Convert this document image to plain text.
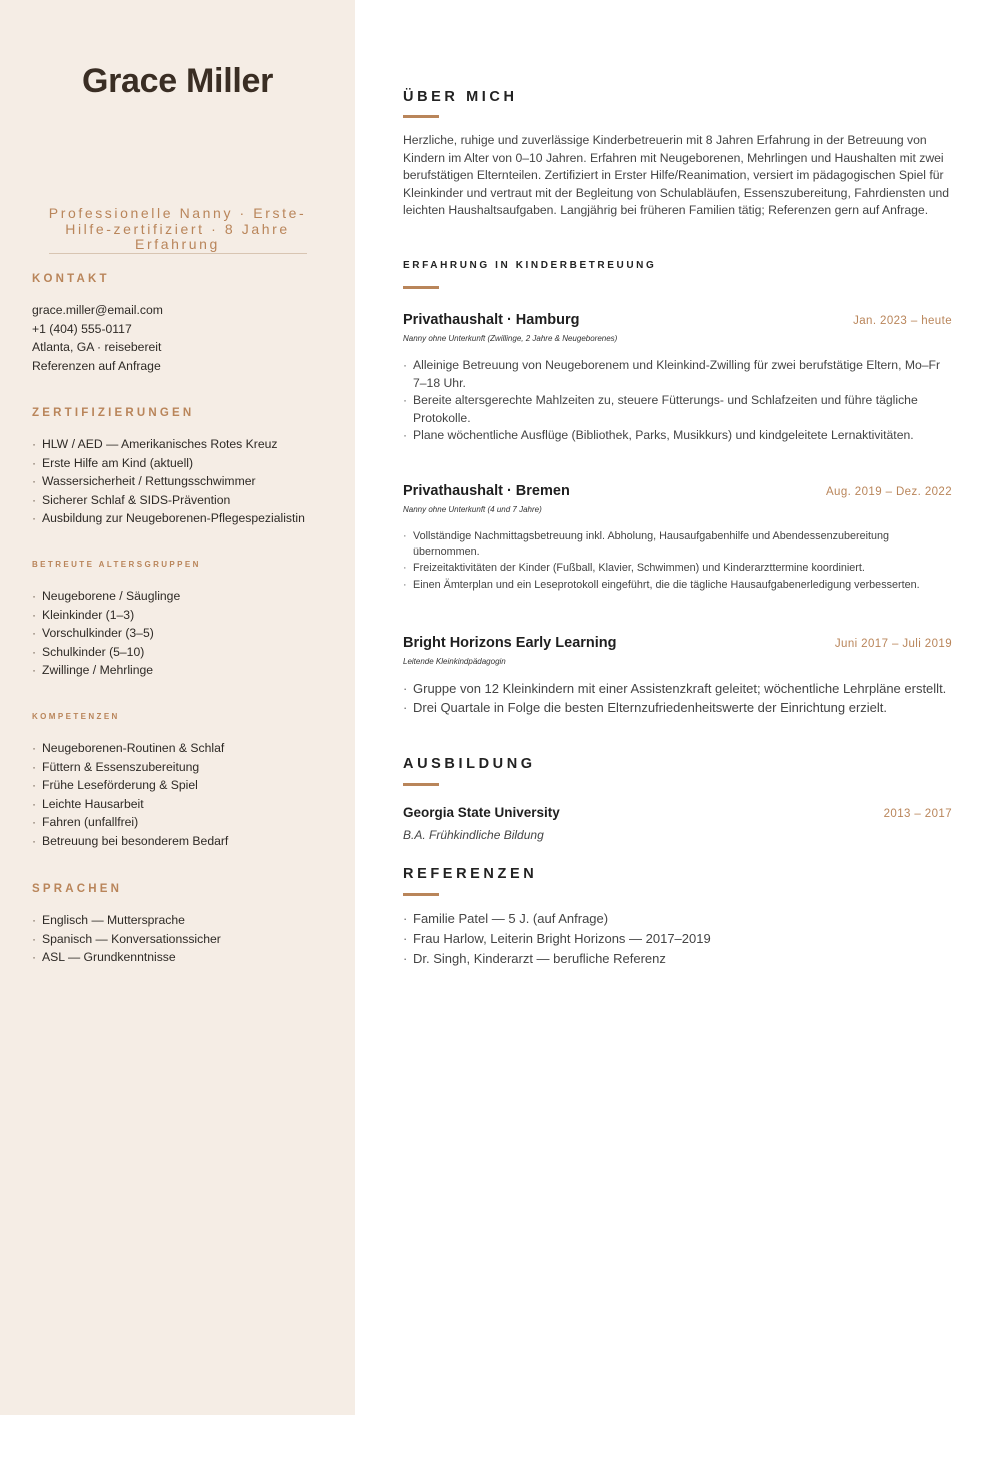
Grace Miller
Professionelle Nanny · Erste-Hilfe-zertifiziert · 8 Jahre Erfahrung
KONTAKT
grace.miller@email.com
+1 (404) 555-0117
Atlanta, GA · reisebereit
Referenzen auf Anfrage
ZERTIFIZIERUNGEN
· HLW / AED — Amerikanisches Rotes Kreuz
· Erste Hilfe am Kind (aktuell)
· Wassersicherheit / Rettungsschwimmer
· Sicherer Schlaf & SIDS-Prävention
· Ausbildung zur Neugeborenen-Pflegespezialistin
BETREUTE ALTERSGRUPPEN
· Neugeborene / Säuglinge
· Kleinkinder (1–3)
· Vorschulkinder (3–5)
· Schulkinder (5–10)
· Zwillinge / Mehrlinge
KOMPETENZEN
· Neugeborenen-Routinen & Schlaf
· Füttern & Essenszubereitung
· Frühe Leseförderung & Spiel
· Leichte Hausarbeit
· Fahren (unfallfrei)
· Betreuung bei besonderem Bedarf
SPRACHEN
· Englisch — Muttersprache
· Spanisch — Konversationssicher
· ASL — Grundkenntnisse
ÜBER MICH

Herzliche, ruhige und zuverlässige Kinderbetreuerin mit 8 Jahren Erfahrung in der Betreuung von Kindern im Alter von 0–10 Jahren. Erfahren mit Neugeborenen, Mehrlingen und Haushalten mit zwei berufstätigen Elternteilen. Zertifiziert in Erster Hilfe/Reanimation, versiert im pädagogischen Spiel für Kleinkinder und vertraut mit der Begleitung von Schulabläufen, Essenszubereitung, Fahrdiensten und leichten Haushaltsaufgaben. Langjährig bei früheren Familien tätig; Referenzen gern auf Anfrage.

ERFAHRUNG IN KINDERBETREUUNG
Privathaushalt · Hamburg	Jan. 2023 – heute
Nanny ohne Unterkunft (Zwillinge, 2 Jahre & Neugeborenes)
· Alleinige Betreuung von Neugeborenem und Kleinkind-Zwilling für zwei berufstätige Eltern, Mo–Fr 7–18 Uhr.
· Bereite altersgerechte Mahlzeiten zu, steuere Fütterungs- und Schlafzeiten und führe tägliche Protokolle.
· Plane wöchentliche Ausflüge (Bibliothek, Parks, Musikkurs) und kindgeleitete Lernaktivitäten.
Privathaushalt · Bremen	Aug. 2019 – Dez. 2022
Nanny ohne Unterkunft (4 und 7 Jahre)
· Vollständige Nachmittagsbetreuung inkl. Abholung, Hausaufgabenhilfe und Abendessenzubereitung übernommen.
· Freizeitaktivitäten der Kinder (Fußball, Klavier, Schwimmen) und Kinderarzttermine koordiniert.
· Einen Ämterplan und ein Leseprotokoll eingeführt, die die tägliche Hausaufgabenerledigung verbesserten.
Bright Horizons Early Learning	Juni 2017 – Juli 2019
Leitende Kleinkindpädagogin
· Gruppe von 12 Kleinkindern mit einer Assistenzkraft geleitet; wöchentliche Lehrpläne erstellt.
· Drei Quartale in Folge die besten Elternzufriedenheitswerte der Einrichtung erzielt.
AUSBILDUNG
Georgia State University	2013 – 2017
B.A. Frühkindliche Bildung
REFERENZEN
· Familie Patel — 5 J. (auf Anfrage)
· Frau Harlow, Leiterin Bright Horizons — 2017–2019
· Dr. Singh, Kinderarzt — berufliche Referenz
